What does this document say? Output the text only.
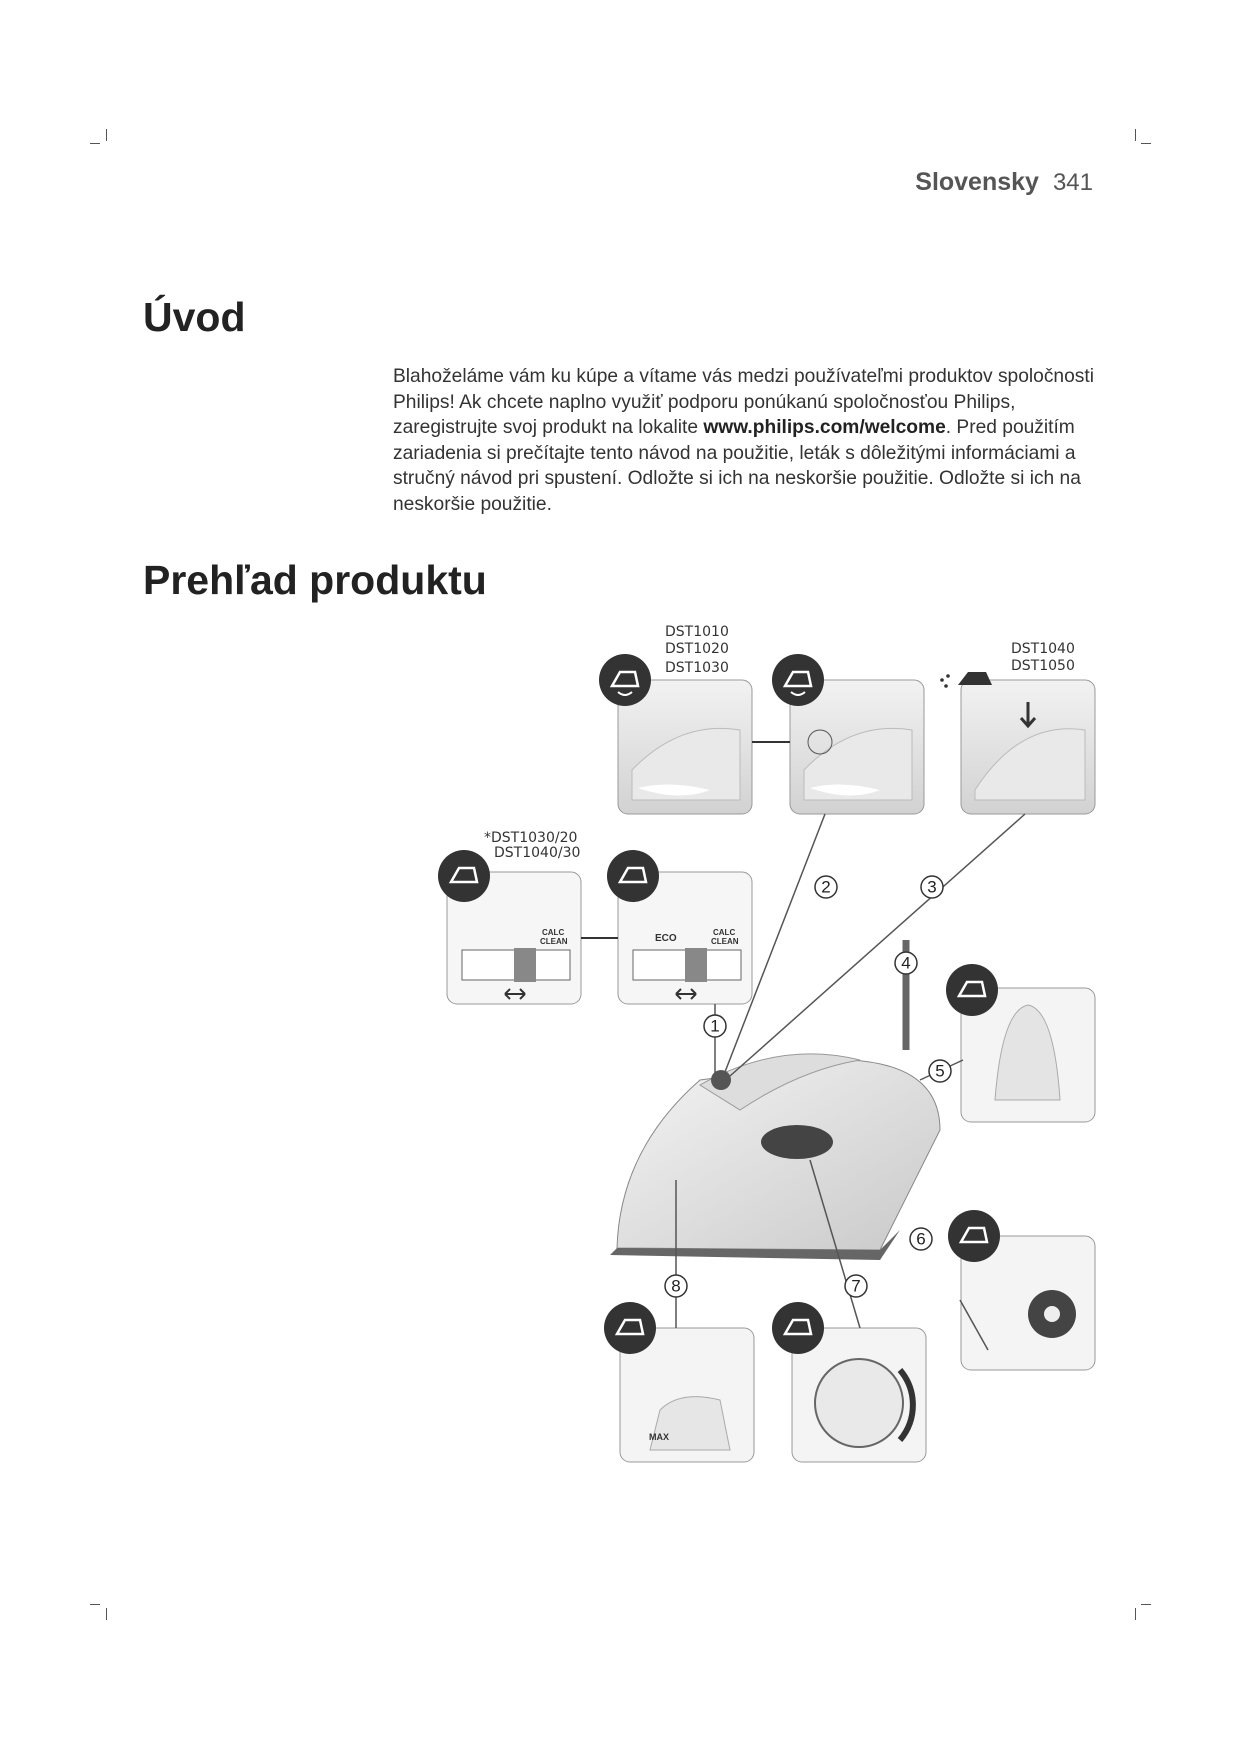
Slovensky 341
Úvod

Blahoželáme vám ku kúpe a vítame vás medzi používateľmi produktov spoločnosti Philips! Ak chcete naplno využiť podporu ponúkanú spoločnosťou Philips, zaregistrujte svoj produkt na lokalite www.philips.com/welcome. Pred použitím zariadenia si prečítajte tento návod na použitie, leták s dôležitými informáciami a stručný návod pri spustení. Odložte si ich na neskoršie použitie. Odložte si ich na neskoršie použitie.

Prehľad produktu
DST1010
DST1020
DST1030
DST1040
DST1050
*DST1030/20
DST1040/30
CALC
CLEAN	ECO
CALC
CLEAN
MAX
1
2	3
4
5
6
7
8
